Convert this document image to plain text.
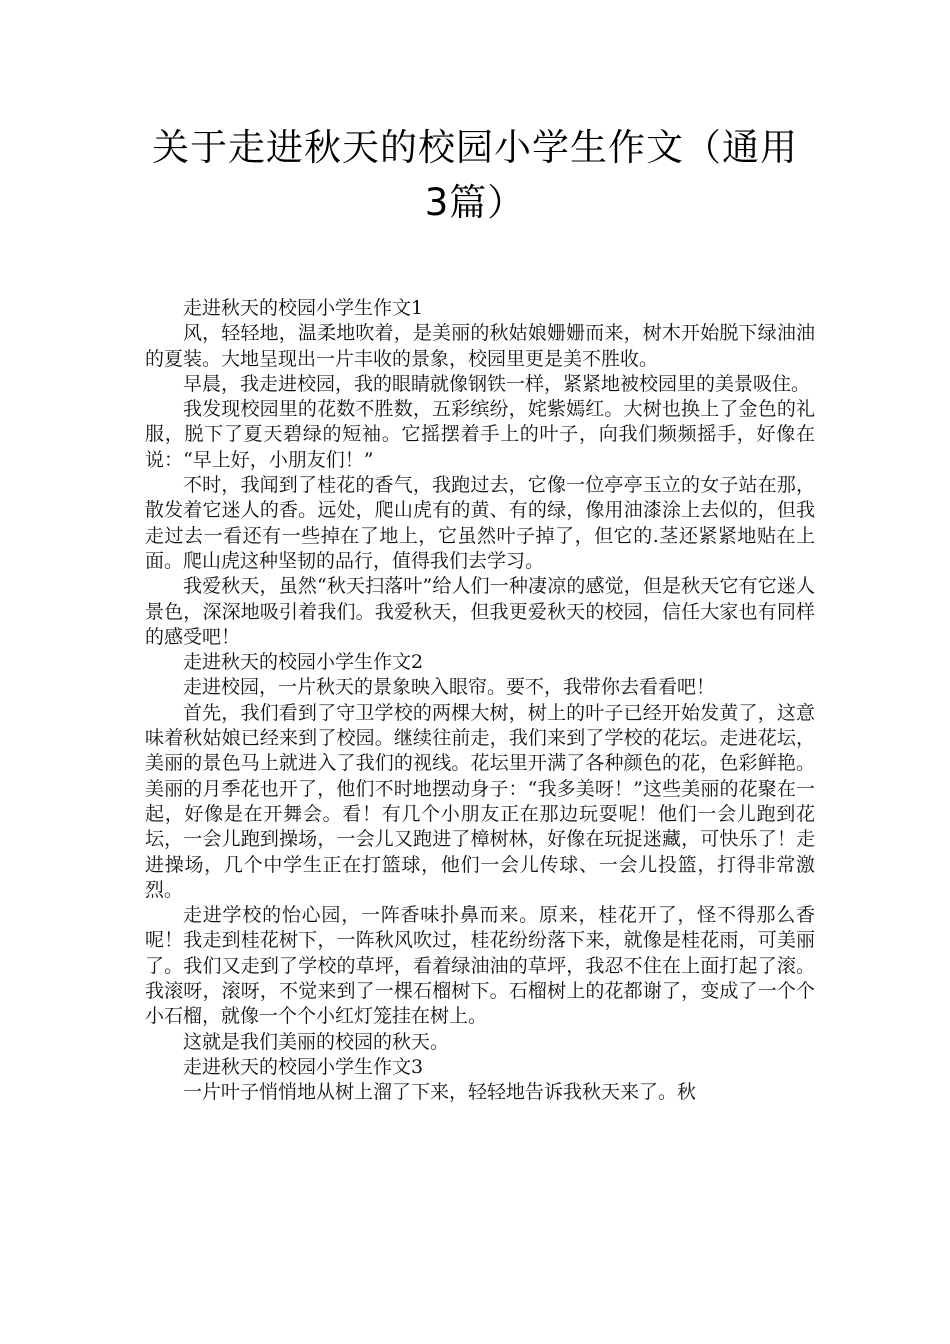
关于走进秋天的校园小学生作文（通用
3篇）

走进秋天的校园小学生作文1

风，轻轻地，温柔地吹着，是美丽的秋姑娘姗姗而来，树木开始脱下绿油油的夏装。大地呈现出一片丰收的景象，校园里更是美不胜收。

早晨，我走进校园，我的眼睛就像钢铁一样，紧紧地被校园里的美景吸住。

我发现校园里的花数不胜数，五彩缤纷，姹紫嫣红。大树也换上了金色的礼服，脱下了夏天碧绿的短袖。它摇摆着手上的叶子，向我们频频摇手，好像在说：“早上好，小朋友们！”

不时，我闻到了桂花的香气，我跑过去，它像一位亭亭玉立的女子站在那，散发着它迷人的香。远处，爬山虎有的黄、有的绿，像用油漆涂上去似的，但我走过去一看还有一些掉在了地上，它虽然叶子掉了，但它的.茎还紧紧地贴在上面。爬山虎这种坚韧的品行，值得我们去学习。

我爱秋天，虽然“秋天扫落叶”给人们一种凄凉的感觉，但是秋天它有它迷人景色，深深地吸引着我们。我爱秋天，但我更爱秋天的校园，信任大家也有同样的感受吧！

走进秋天的校园小学生作文2

走进校园，一片秋天的景象映入眼帘。要不，我带你去看看吧！

首先，我们看到了守卫学校的两棵大树，树上的叶子已经开始发黄了，这意味着秋姑娘已经来到了校园。继续往前走，我们来到了学校的花坛。走进花坛，美丽的景色马上就进入了我们的视线。花坛里开满了各种颜色的花，色彩鲜艳。美丽的月季花也开了，他们不时地摆动身子：“我多美呀！”这些美丽的花聚在一起，好像是在开舞会。看！有几个小朋友正在那边玩耍呢！他们一会儿跑到花坛，一会儿跑到操场，一会儿又跑进了樟树林，好像在玩捉迷藏，可快乐了！走进操场，几个中学生正在打篮球，他们一会儿传球、一会儿投篮，打得非常激烈。

走进学校的怡心园，一阵香味扑鼻而来。原来，桂花开了，怪不得那么香呢！我走到桂花树下，一阵秋风吹过，桂花纷纷落下来，就像是桂花雨，可美丽了。我们又走到了学校的草坪，看着绿油油的草坪，我忍不住在上面打起了滚。我滚呀，滚呀，不觉来到了一棵石榴树下。石榴树上的花都谢了，变成了一个个小石榴，就像一个个小红灯笼挂在树上。

这就是我们美丽的校园的秋天。

走进秋天的校园小学生作文3

一片叶子悄悄地从树上溜了下来，轻轻地告诉我秋天来了。秋
